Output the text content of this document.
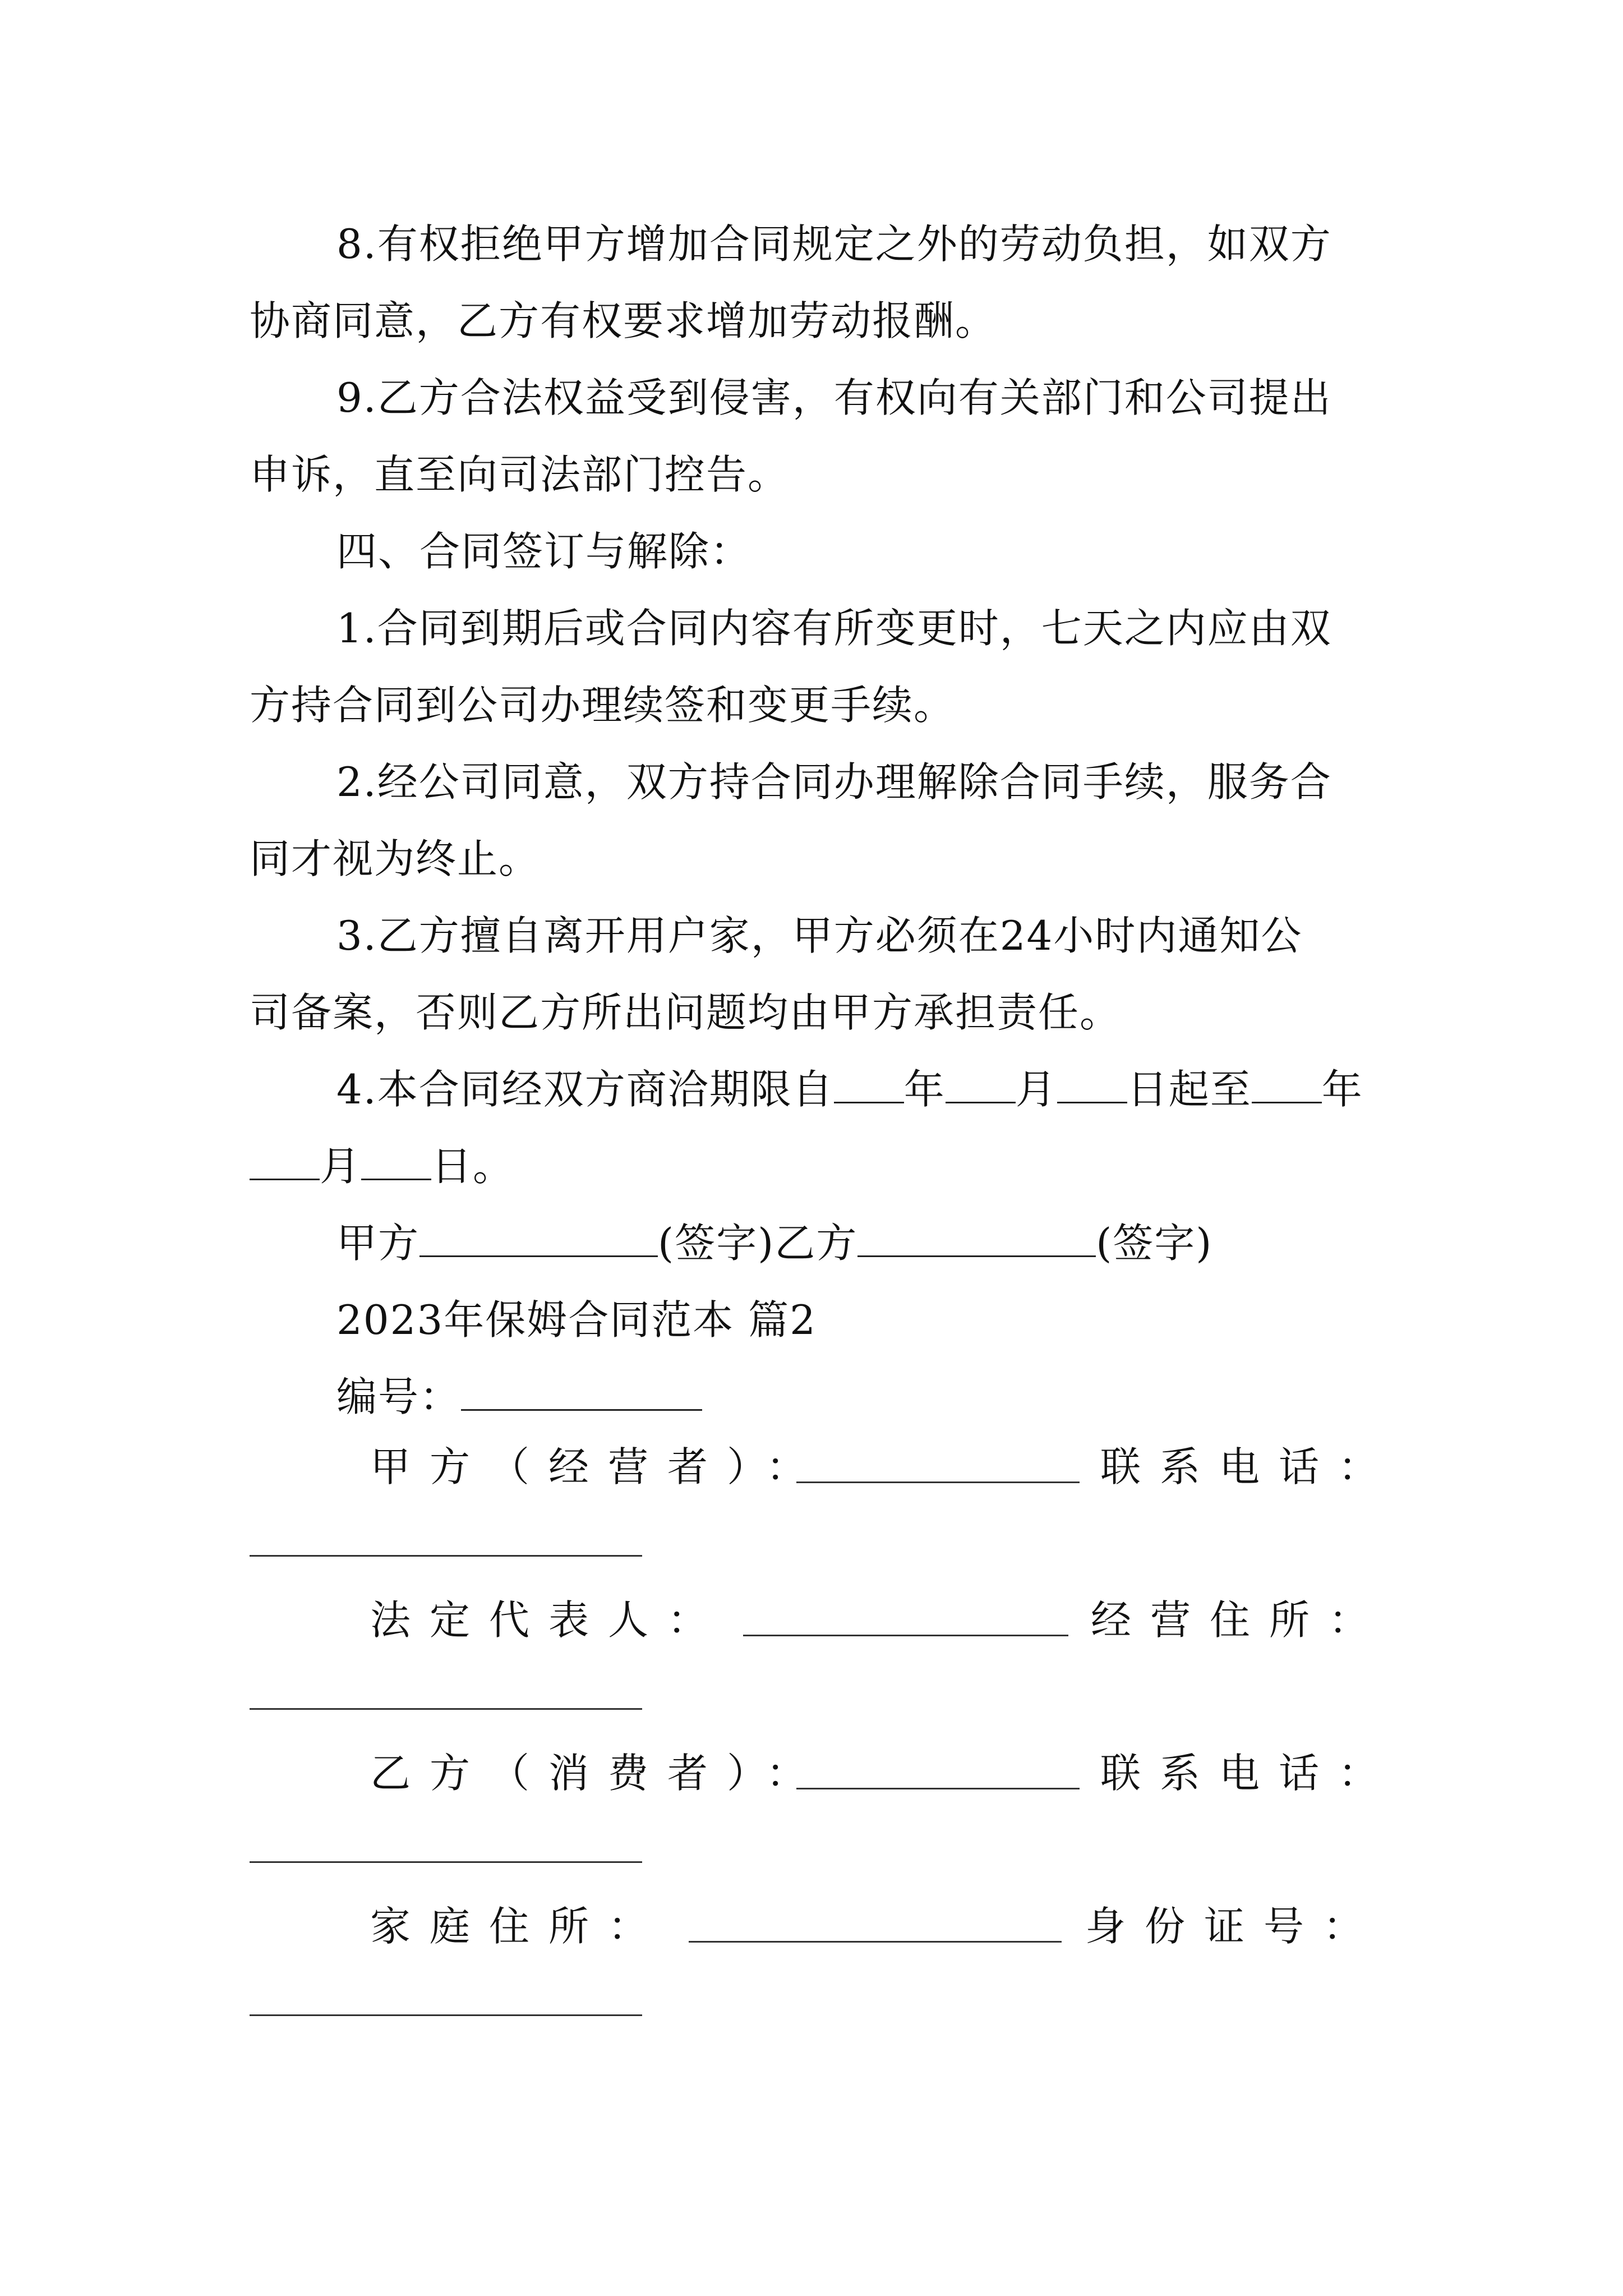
8.有权拒绝甲方增加合同规定之外的劳动负担，如双方
协商同意，乙方有权要求增加劳动报酬。
9.乙方合法权益受到侵害，有权向有关部门和公司提出
申诉，直至向司法部门控告。
四、合同签订与解除：
1.合同到期后或合同内容有所变更时，七天之内应由双
方持合同到公司办理续签和变更手续。
2.经公司同意，双方持合同办理解除合同手续，服务合
同才视为终止。
3.乙方擅自离开用户家，甲方必须在24小时内通知公
司备案，否则乙方所出问题均由甲方承担责任。
4.本合同经双方商洽期限自 年 月 日起至 年
月 日。
甲方	(签字)乙方	(签字)
2023年保姆合同范本 篇2
编号：
甲方（经营者）：	联系电话：
法定代表人：	经营住所：
乙方（消费者）：	联系电话：
家庭住所：	身份证号：
